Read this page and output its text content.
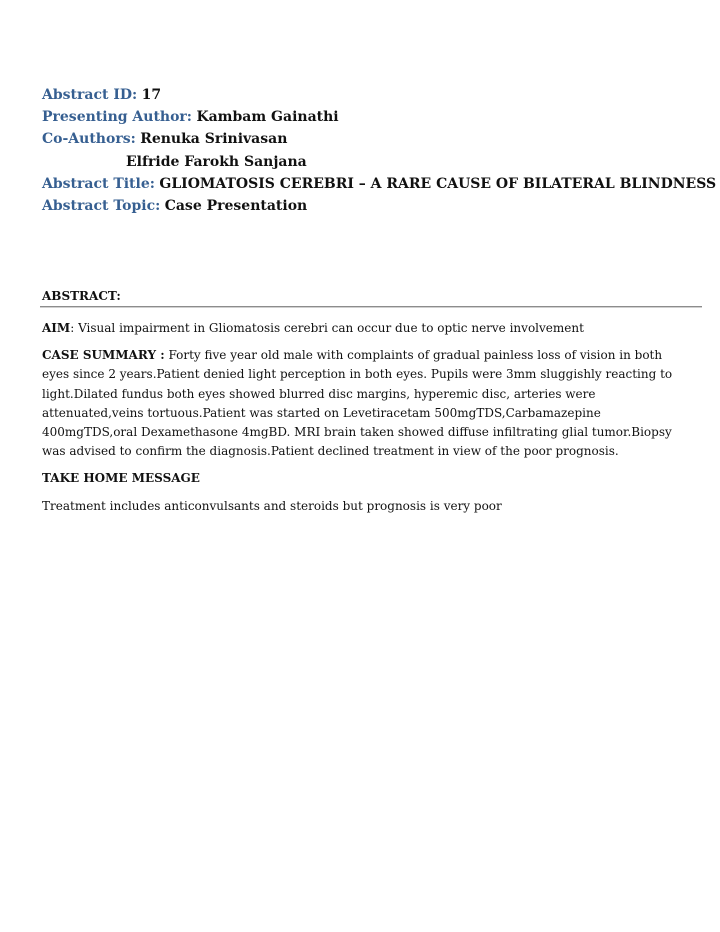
Abstract ID: 17
Presenting Author: Kambam Gainathi
Co-Authors: Renuka Srinivasan
Elfride Farokh Sanjana
Abstract Title: GLIOMATOSIS CEREBRI – A RARE CAUSE OF BILATERAL BLINDNESS
Abstract Topic: Case Presentation
ABSTRACT:

AIM: Visual impairment in Gliomatosis cerebri can occur due to optic nerve involvement

CASE SUMMARY : Forty five year old male with complaints of gradual painless loss of vision in both eyes since 2 years.Patient denied light perception in both eyes. Pupils were 3mm sluggishly reacting to light.Dilated fundus both eyes showed blurred disc margins, hyperemic disc, arteries were attenuated,veins tortuous.Patient was started on Levetiracetam 500mgTDS,Carbamazepine 400mgTDS,oral Dexamethasone 4mgBD. MRI brain taken showed diffuse infiltrating glial tumor.Biopsy was advised to confirm the diagnosis.Patient declined treatment in view of the poor prognosis.

TAKE HOME MESSAGE

Treatment includes anticonvulsants and steroids but prognosis is very poor
